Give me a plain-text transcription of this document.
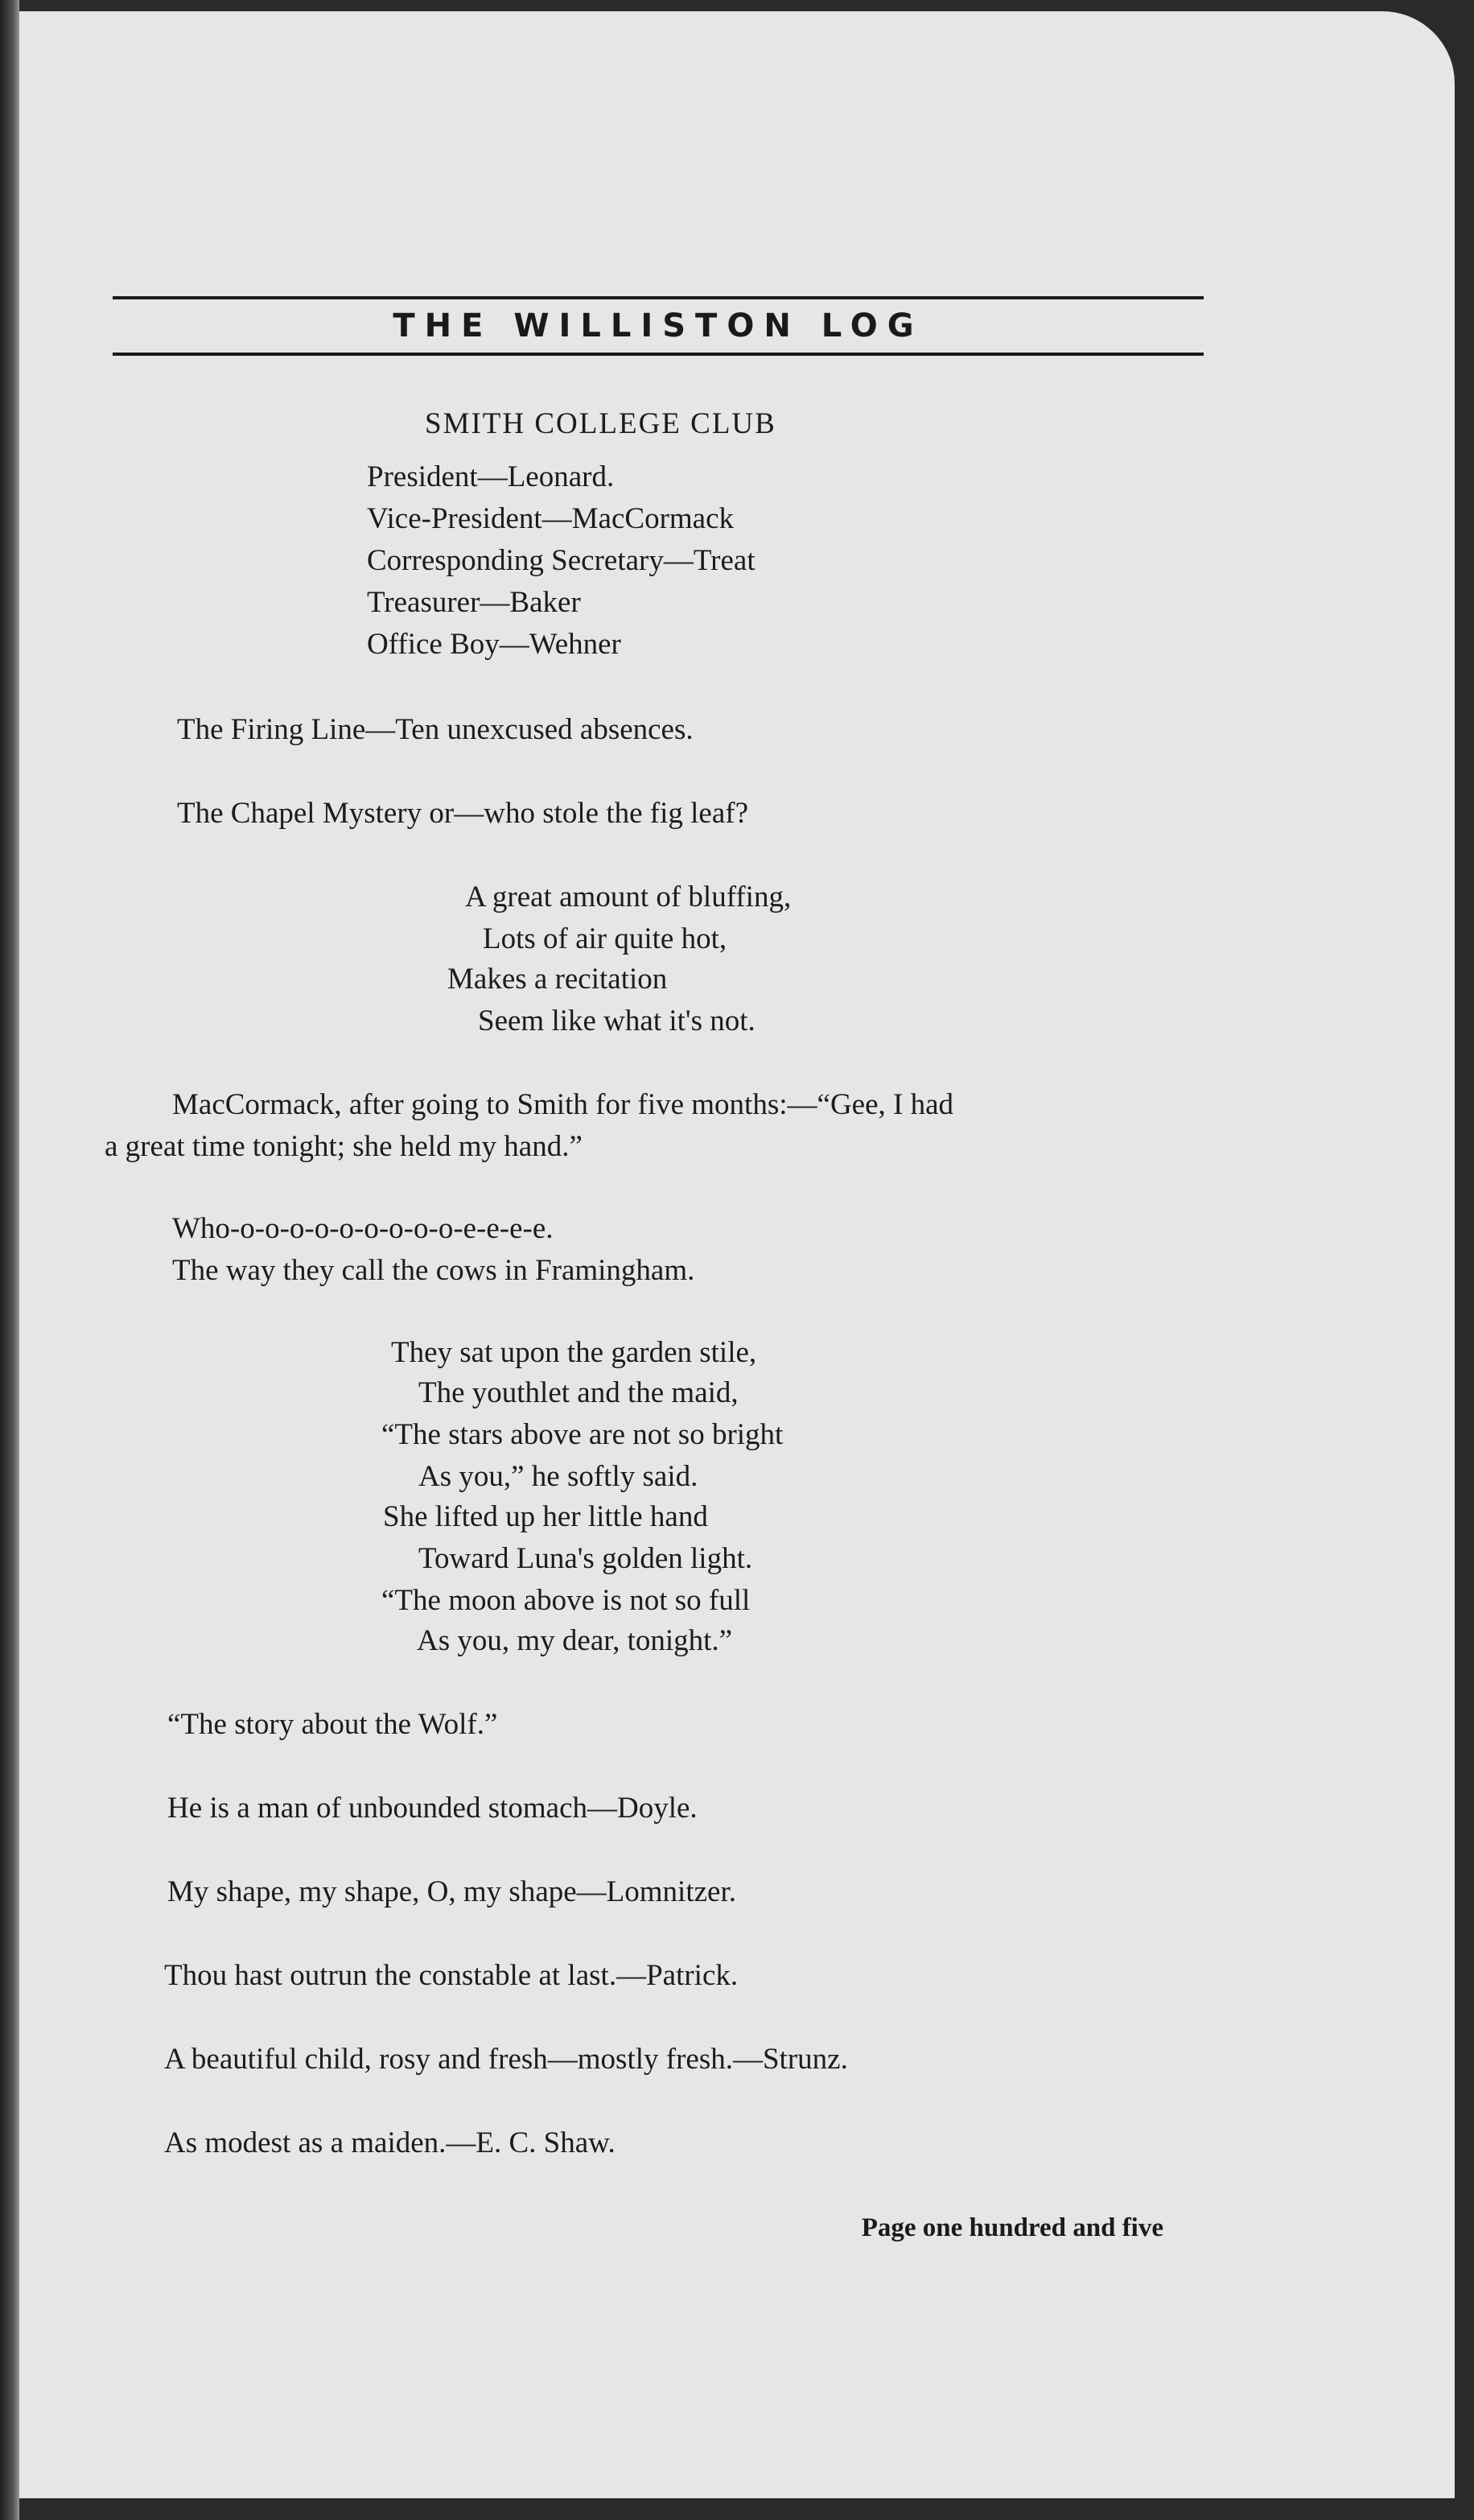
THE WILLISTON LOG
SMITH COLLEGE CLUB
President—Leonard.
Vice-President—MacCormack
Corresponding Secretary—Treat
Treasurer—Baker
Office Boy—Wehner
The Firing Line—Ten unexcused absences.
The Chapel Mystery or—who stole the fig leaf?
A great amount of bluffing,
Lots of air quite hot,
Makes a recitation
Seem like what it's not.
MacCormack, after going to Smith for five months:—“Gee, I had
a great time tonight; she held my hand.”
Who-o-o-o-o-o-o-o-o-o-e-e-e-e.
The way they call the cows in Framingham.
They sat upon the garden stile,
The youthlet and the maid,
“The stars above are not so bright
As you,” he softly said.
She lifted up her little hand
Toward Luna's golden light.
“The moon above is not so full
As you, my dear, tonight.”
“The story about the Wolf.”
He is a man of unbounded stomach—Doyle.
My shape, my shape, O, my shape—Lomnitzer.
Thou hast outrun the constable at last.—Patrick.
A beautiful child, rosy and fresh—mostly fresh.—Strunz.
As modest as a maiden.—E. C. Shaw.
Page one hundred and five
